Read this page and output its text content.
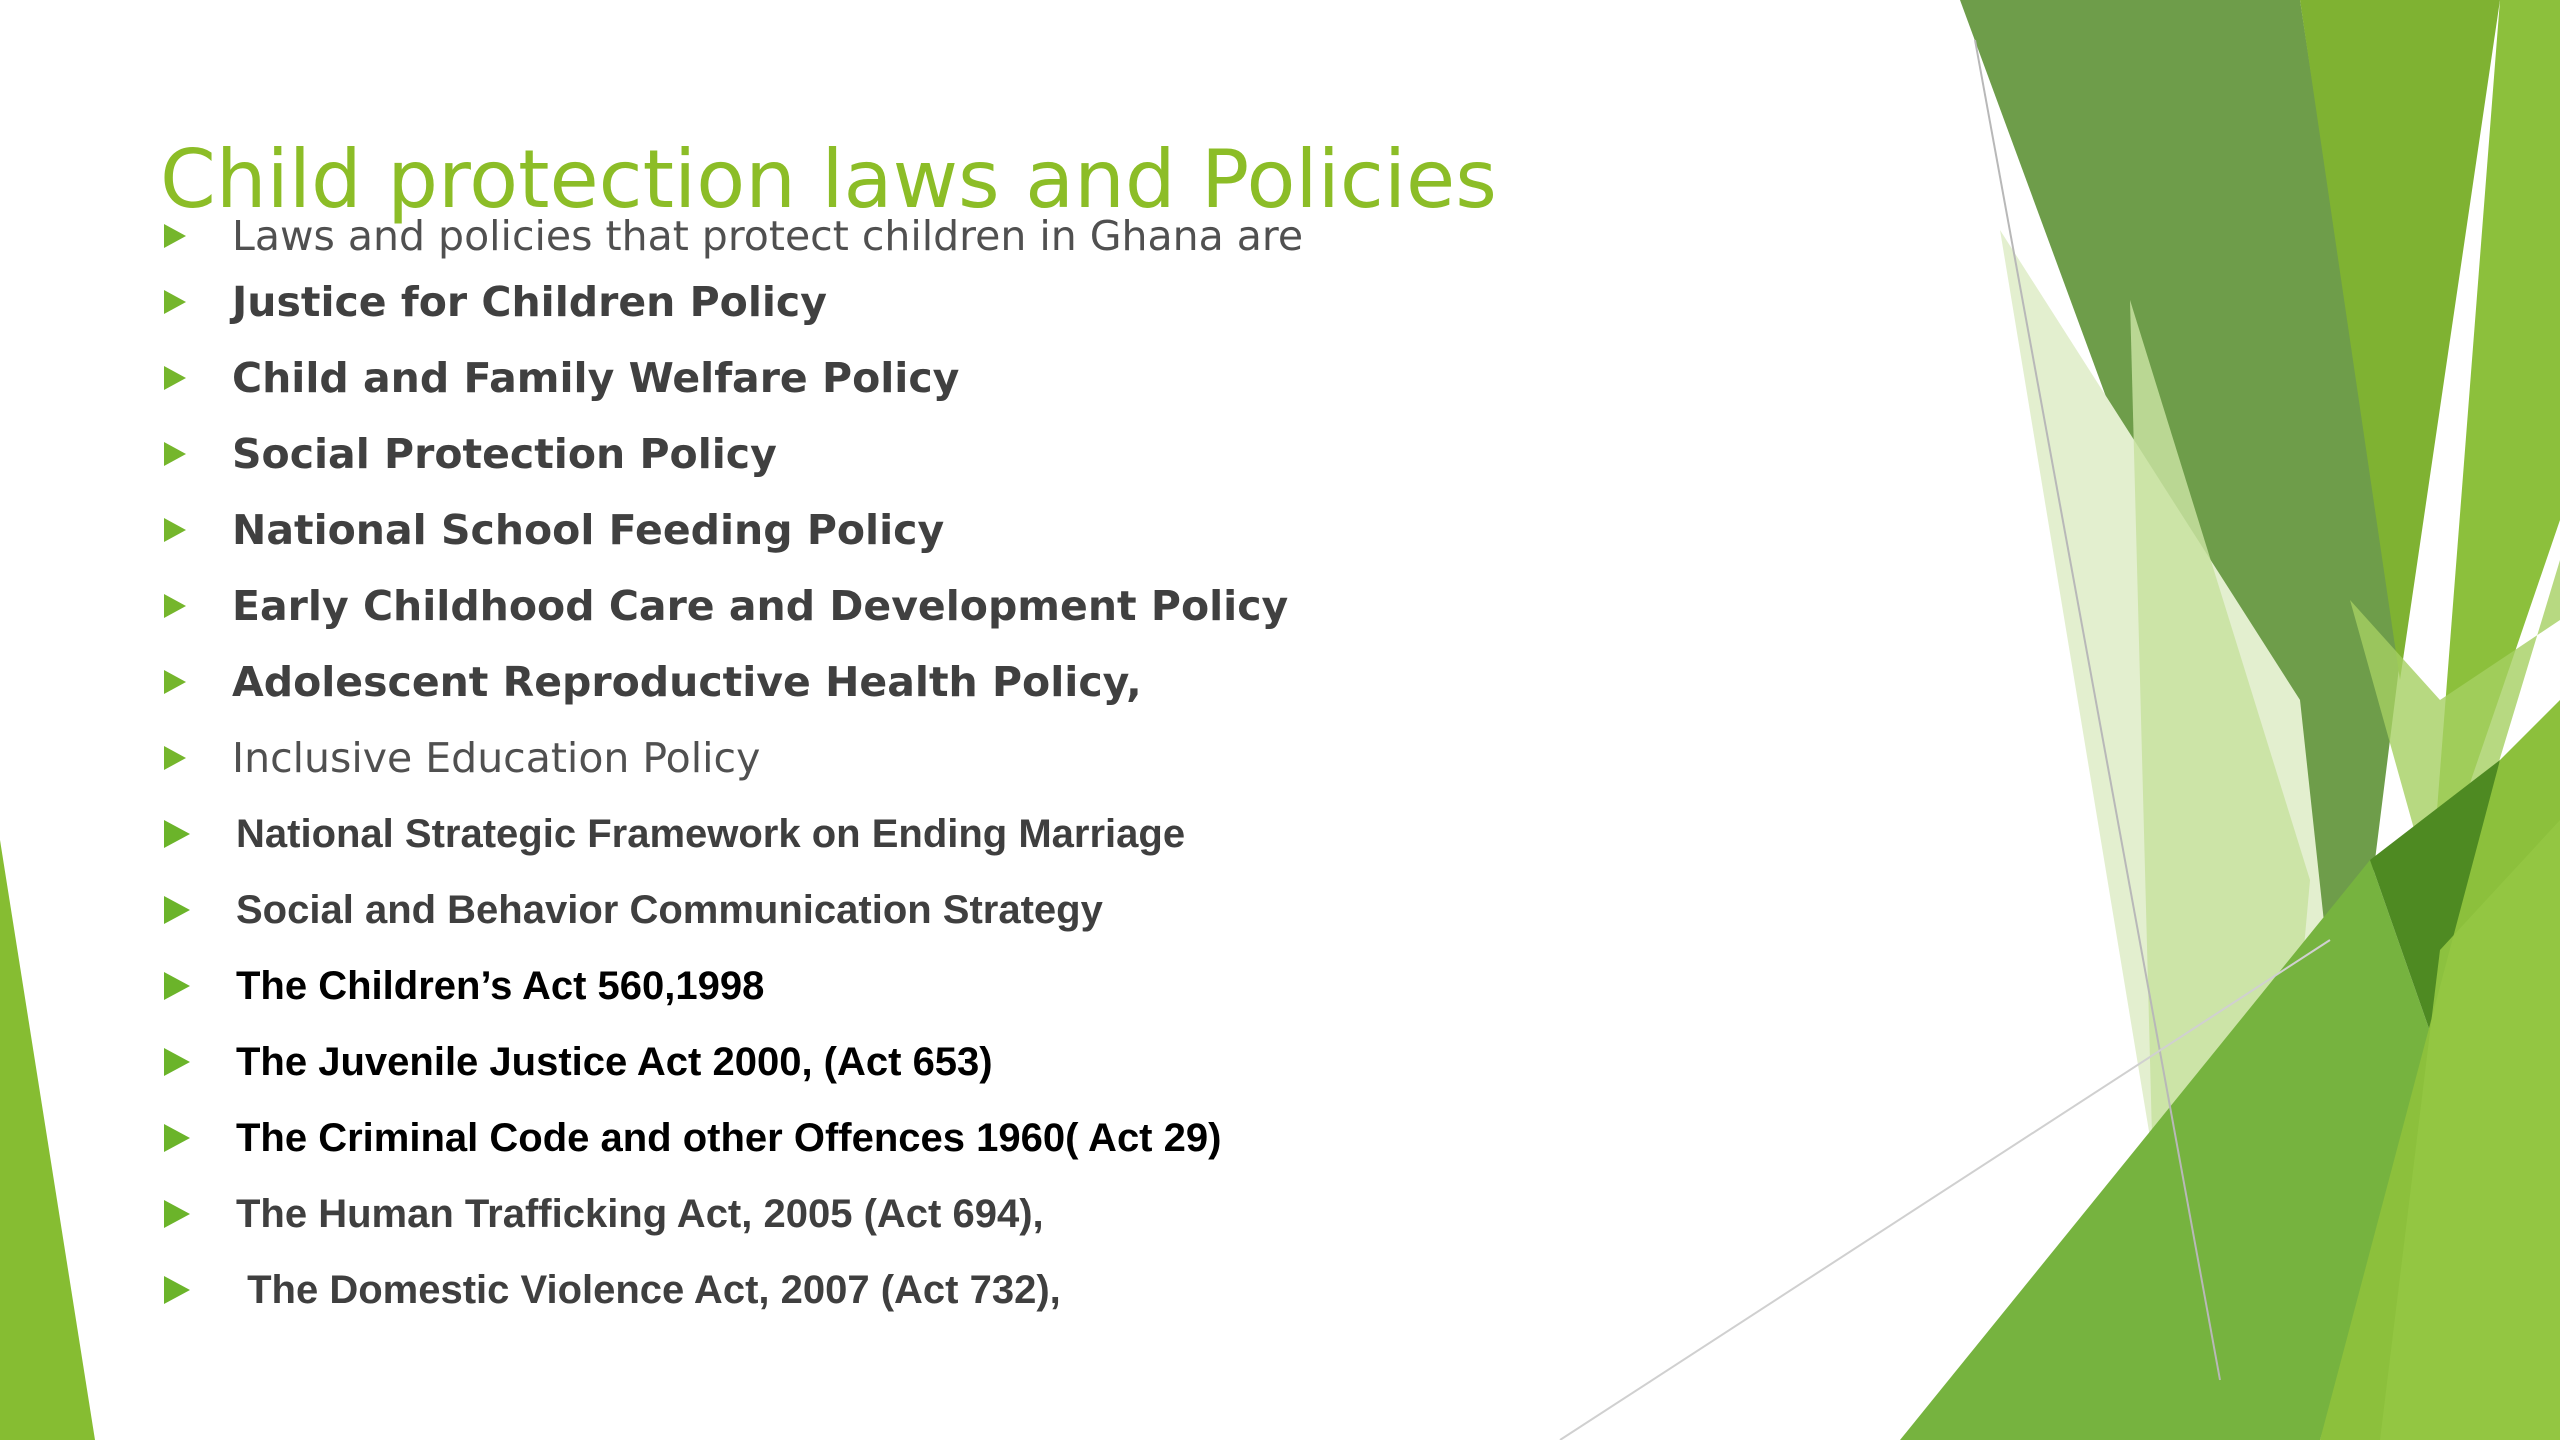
Child protection laws and Policies
Laws and policies that protect children in Ghana are
Justice for Children Policy
Child and Family Welfare Policy
Social Protection Policy
National School Feeding Policy
Early Childhood Care and Development Policy
Adolescent Reproductive Health Policy,
Inclusive Education Policy
National Strategic Framework on Ending Marriage
Social and Behavior Communication Strategy
The Children’s Act 560,1998
The Juvenile Justice Act 2000, (Act 653)
The Criminal Code and other Offences 1960( Act 29)
The Human Trafficking Act, 2005 (Act 694),
The Domestic Violence Act, 2007 (Act 732),
